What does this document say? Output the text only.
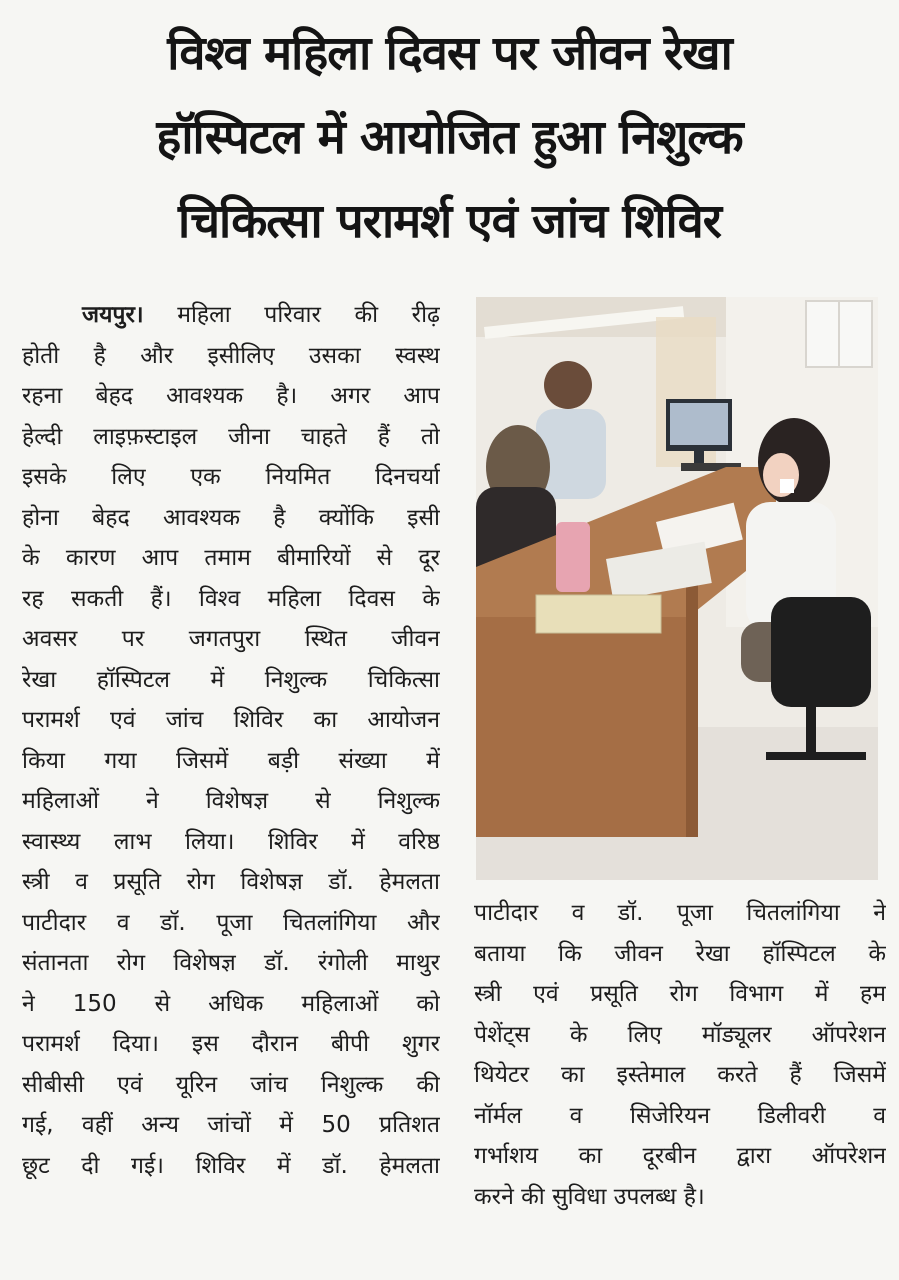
विश्व महिला दिवस पर जीवन रेखा
हॉस्पिटल में आयोजित हुआ निशुल्क
चिकित्सा परामर्श एवं जांच शिविर
जयपुर। महिला परिवार की रीढ़
होती है और इसीलिए उसका स्वस्थ
रहना बेहद आवश्यक है। अगर आप
हेल्दी लाइफ़स्टाइल जीना चाहते हैं तो
इसके लिए एक नियमित दिनचर्या
होना बेहद आवश्यक है क्योंकि इसी
के कारण आप तमाम बीमारियों से दूर
रह सकती हैं। विश्व महिला दिवस के
अवसर पर जगतपुरा स्थित जीवन
रेखा हॉस्पिटल में निशुल्क चिकित्सा
परामर्श एवं जांच शिविर का आयोजन
किया गया जिसमें बड़ी संख्या में
महिलाओं ने विशेषज्ञ से निशुल्क
स्वास्थ्य लाभ लिया। शिविर में वरिष्ठ
स्त्री व प्रसूति रोग विशेषज्ञ डॉ. हेमलता
पाटीदार व डॉ. पूजा चितलांगिया और
संतानता रोग विशेषज्ञ डॉ. रंगोली माथुर
ने 150 से अधिक महिलाओं को
परामर्श दिया। इस दौरान बीपी शुगर
सीबीसी एवं यूरिन जांच निशुल्क की
गई, वहीं अन्य जांचों में 50 प्रतिशत
छूट दी गई। शिविर में डॉ. हेमलता
पाटीदार व डॉ. पूजा चितलांगिया ने
बताया कि जीवन रेखा हॉस्पिटल के
स्त्री एवं प्रसूति रोग विभाग में हम
पेशेंट्स के लिए मॉड्यूलर ऑपरेशन
थियेटर का इस्तेमाल करते हैं जिसमें
नॉर्मल व सिजेरियन डिलीवरी व
गर्भाशय का दूरबीन द्वारा ऑपरेशन
करने की सुविधा उपलब्ध है।
